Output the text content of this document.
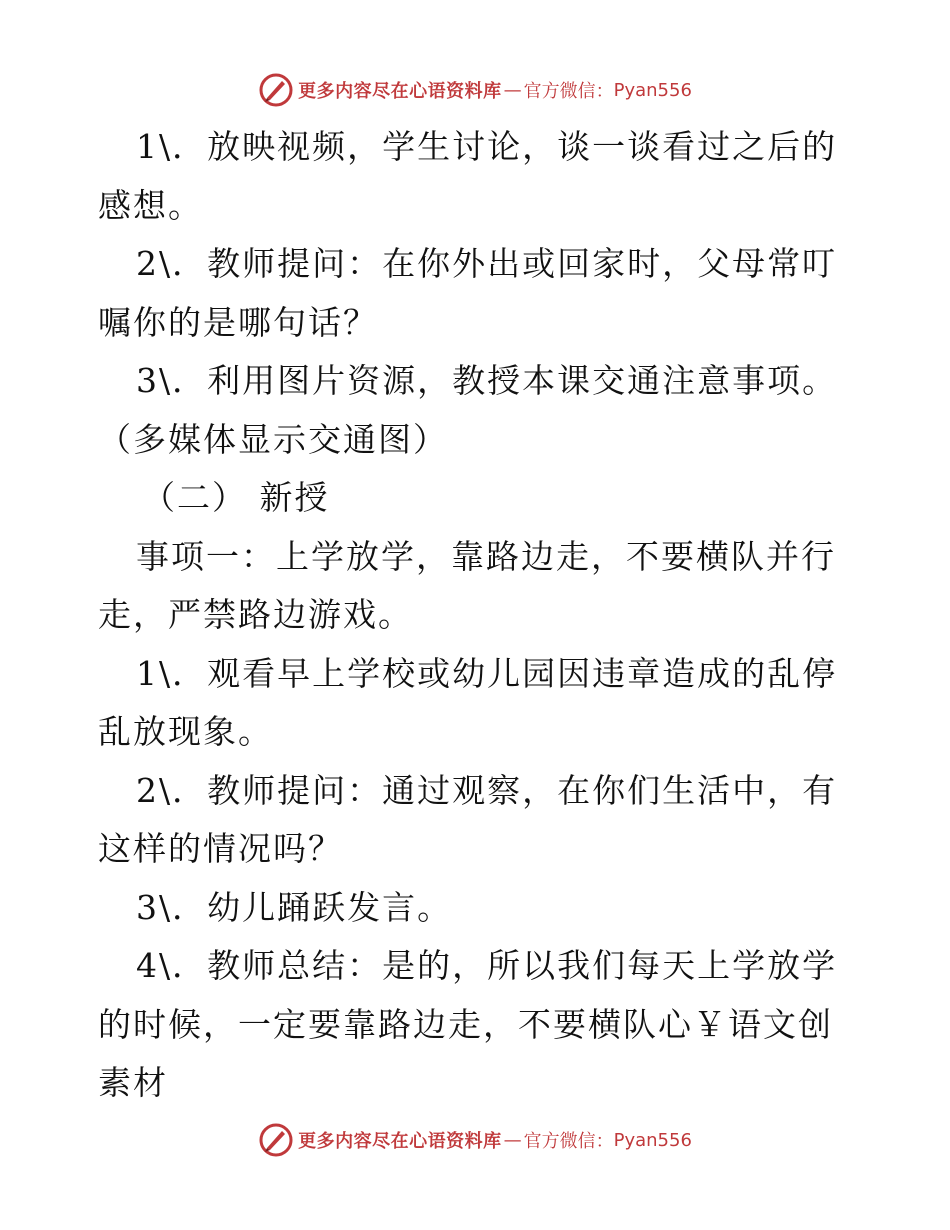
更多内容尽在心语资料库 — 官方微信： Pyan556

1\．放映视频，学生讨论，谈一谈看过之后的感想。

2\．教师提问：在你外出或回家时，父母常叮嘱你的是哪句话？

3\．利用图片资源，教授本课交通注意事项。

（多媒体显示交通图）

（二） 新授

事项一：上学放学，靠路边走，不要横队并行走，严禁路边游戏。

1\．观看早上学校或幼儿园因违章造成的乱停乱放现象。

2\．教师提问：通过观察，在你们生活中，有这样的情况吗？

3\．幼儿踊跃发言。

4\．教师总结：是的，所以我们每天上学放学的时候，一定要靠路边走，不要横队心￥语文创素材

更多内容尽在心语资料库 — 官方微信： Pyan556
